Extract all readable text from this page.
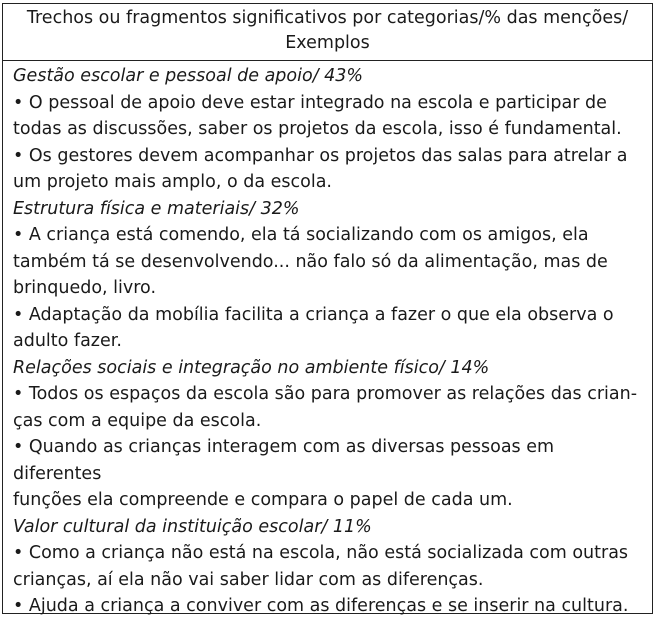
Trechos ou fragmentos significativos por categorias/% das menções/
Exemplos
Gestão escolar e pessoal de apoio/ 43%
• O pessoal de apoio deve estar integrado na escola e participar de
todas as discussões, saber os projetos da escola, isso é fundamental.
• Os gestores devem acompanhar os projetos das salas para atrelar a
um projeto mais amplo, o da escola.
Estrutura física e materiais/ 32%
• A criança está comendo, ela tá socializando com os amigos, ela
também tá se desenvolvendo... não falo só da alimentação, mas de
brinquedo, livro.
• Adaptação da mobília facilita a criança a fazer o que ela observa o
adulto fazer.
Relações sociais e integração no ambiente físico/ 14%
• Todos os espaços da escola são para promover as relações das crian-
ças com a equipe da escola.
• Quando as crianças interagem com as diversas pessoas em diferentes
funções ela compreende e compara o papel de cada um.
Valor cultural da instituição escolar/ 11%
• Como a criança não está na escola, não está socializada com outras
crianças, aí ela não vai saber lidar com as diferenças.
• Ajuda a criança a conviver com as diferenças e se inserir na cultura.
